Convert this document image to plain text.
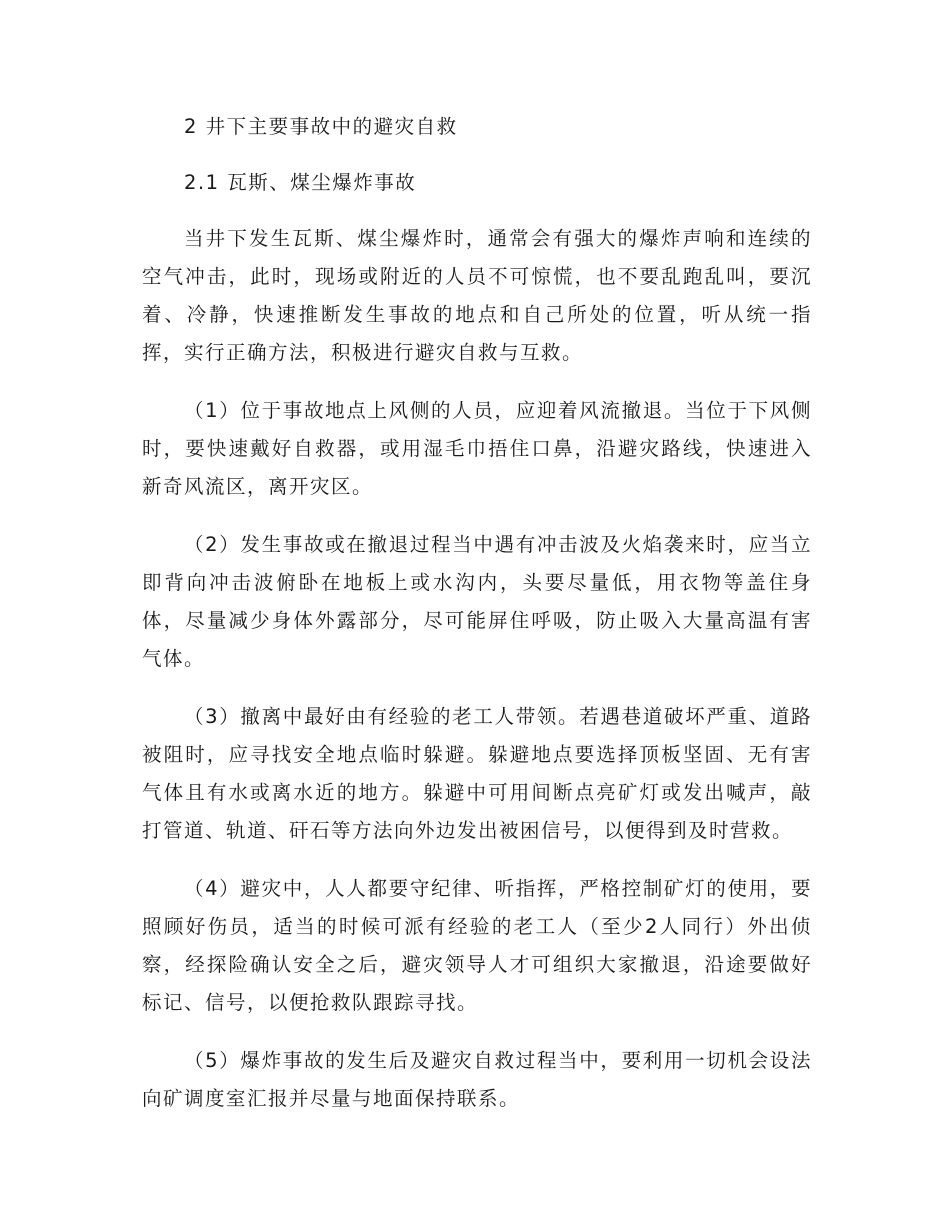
2 井下主要事故中的避灾自救

2.1 瓦斯、煤尘爆炸事故

当井下发生瓦斯、煤尘爆炸时，通常会有强大的爆炸声响和连续的空气冲击，此时，现场或附近的人员不可惊慌，也不要乱跑乱叫，要沉着、冷静，快速推断发生事故的地点和自己所处的位置，听从统一指挥，实行正确方法，积极进行避灾自救与互救。

（1）位于事故地点上风侧的人员，应迎着风流撤退。当位于下风侧时，要快速戴好自救器，或用湿毛巾捂住口鼻，沿避灾路线，快速进入新奇风流区，离开灾区。

（2）发生事故或在撤退过程当中遇有冲击波及火焰袭来时，应当立即背向冲击波俯卧在地板上或水沟内，头要尽量低，用衣物等盖住身体，尽量减少身体外露部分，尽可能屏住呼吸，防止吸入大量高温有害气体。

（3）撤离中最好由有经验的老工人带领。若遇巷道破坏严重、道路被阻时，应寻找安全地点临时躲避。躲避地点要选择顶板坚固、无有害气体且有水或离水近的地方。躲避中可用间断点亮矿灯或发出喊声，敲打管道、轨道、矸石等方法向外边发出被困信号，以便得到及时营救。

（4）避灾中，人人都要守纪律、听指挥，严格控制矿灯的使用，要照顾好伤员，适当的时候可派有经验的老工人（至少2人同行）外出侦察，经探险确认安全之后，避灾领导人才可组织大家撤退，沿途要做好标记、信号，以便抢救队跟踪寻找。

（5）爆炸事故的发生后及避灾自救过程当中，要利用一切机会设法向矿调度室汇报并尽量与地面保持联系。
